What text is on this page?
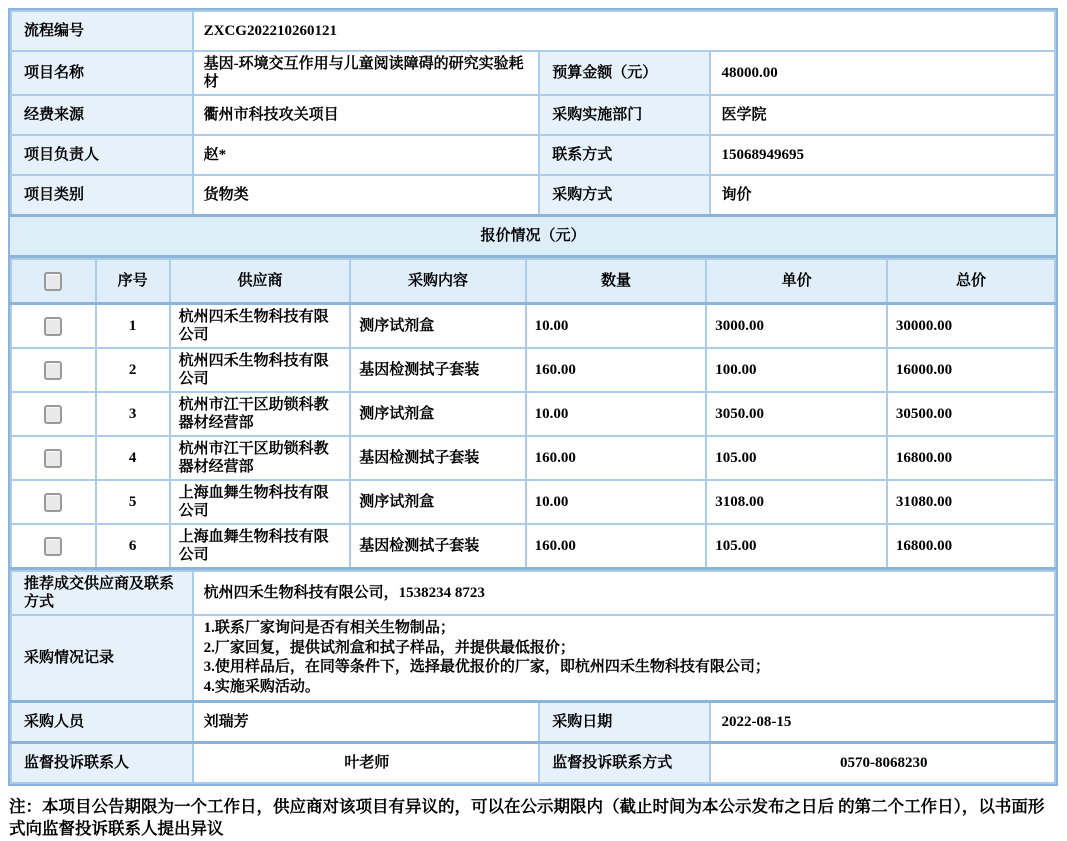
流程编号	ZXCG202210260121		
项目名称	基因-环境交互作用与儿童阅读障碍的研究实验耗材	预算金额（元）	48000.00
经费来源	衢州市科技攻关项目	采购实施部门	医学院
项目负责人	赵*	联系方式	15068949695
项目类别	货物类	采购方式	询价
报价情况（元）
	序号	供应商	采购内容	数量	单价	总价
	1	杭州四禾生物科技有限公司	测序试剂盒	10.00	3000.00	30000.00
	2	杭州四禾生物科技有限公司	基因检测拭子套装	160.00	100.00	16000.00
	3	杭州市江干区助锁科教器材经营部	测序试剂盒	10.00	3050.00	30500.00
	4	杭州市江干区助锁科教器材经营部	基因检测拭子套装	160.00	105.00	16800.00
	5	上海血舞生物科技有限公司	测序试剂盒	10.00	3108.00	31080.00
	6	上海血舞生物科技有限公司	基因检测拭子套装	160.00	105.00	16800.00
推荐成交供应商及联系方式	杭州四禾生物科技有限公司，1538234 8723		
采购情况记录	1.联系厂家询问是否有相关生物制品；
2.厂家回复，提供试剂盒和拭子样品，并提供最低报价；
3.使用样品后，在同等条件下，选择最优报价的厂家，即杭州四禾生物科技有限公司；
4.实施采购活动。		

采购人员	刘瑞芳	采购日期	2022-08-15
监督投诉联系人	叶老师	监督投诉联系方式	0570-8068230

注：本项目公告期限为一个工作日，供应商对该项目有异议的，可以在公示期限内（截止时间为本公示发布之日后 的第二个工作日），以书面形式向监督投诉联系人提出异议
